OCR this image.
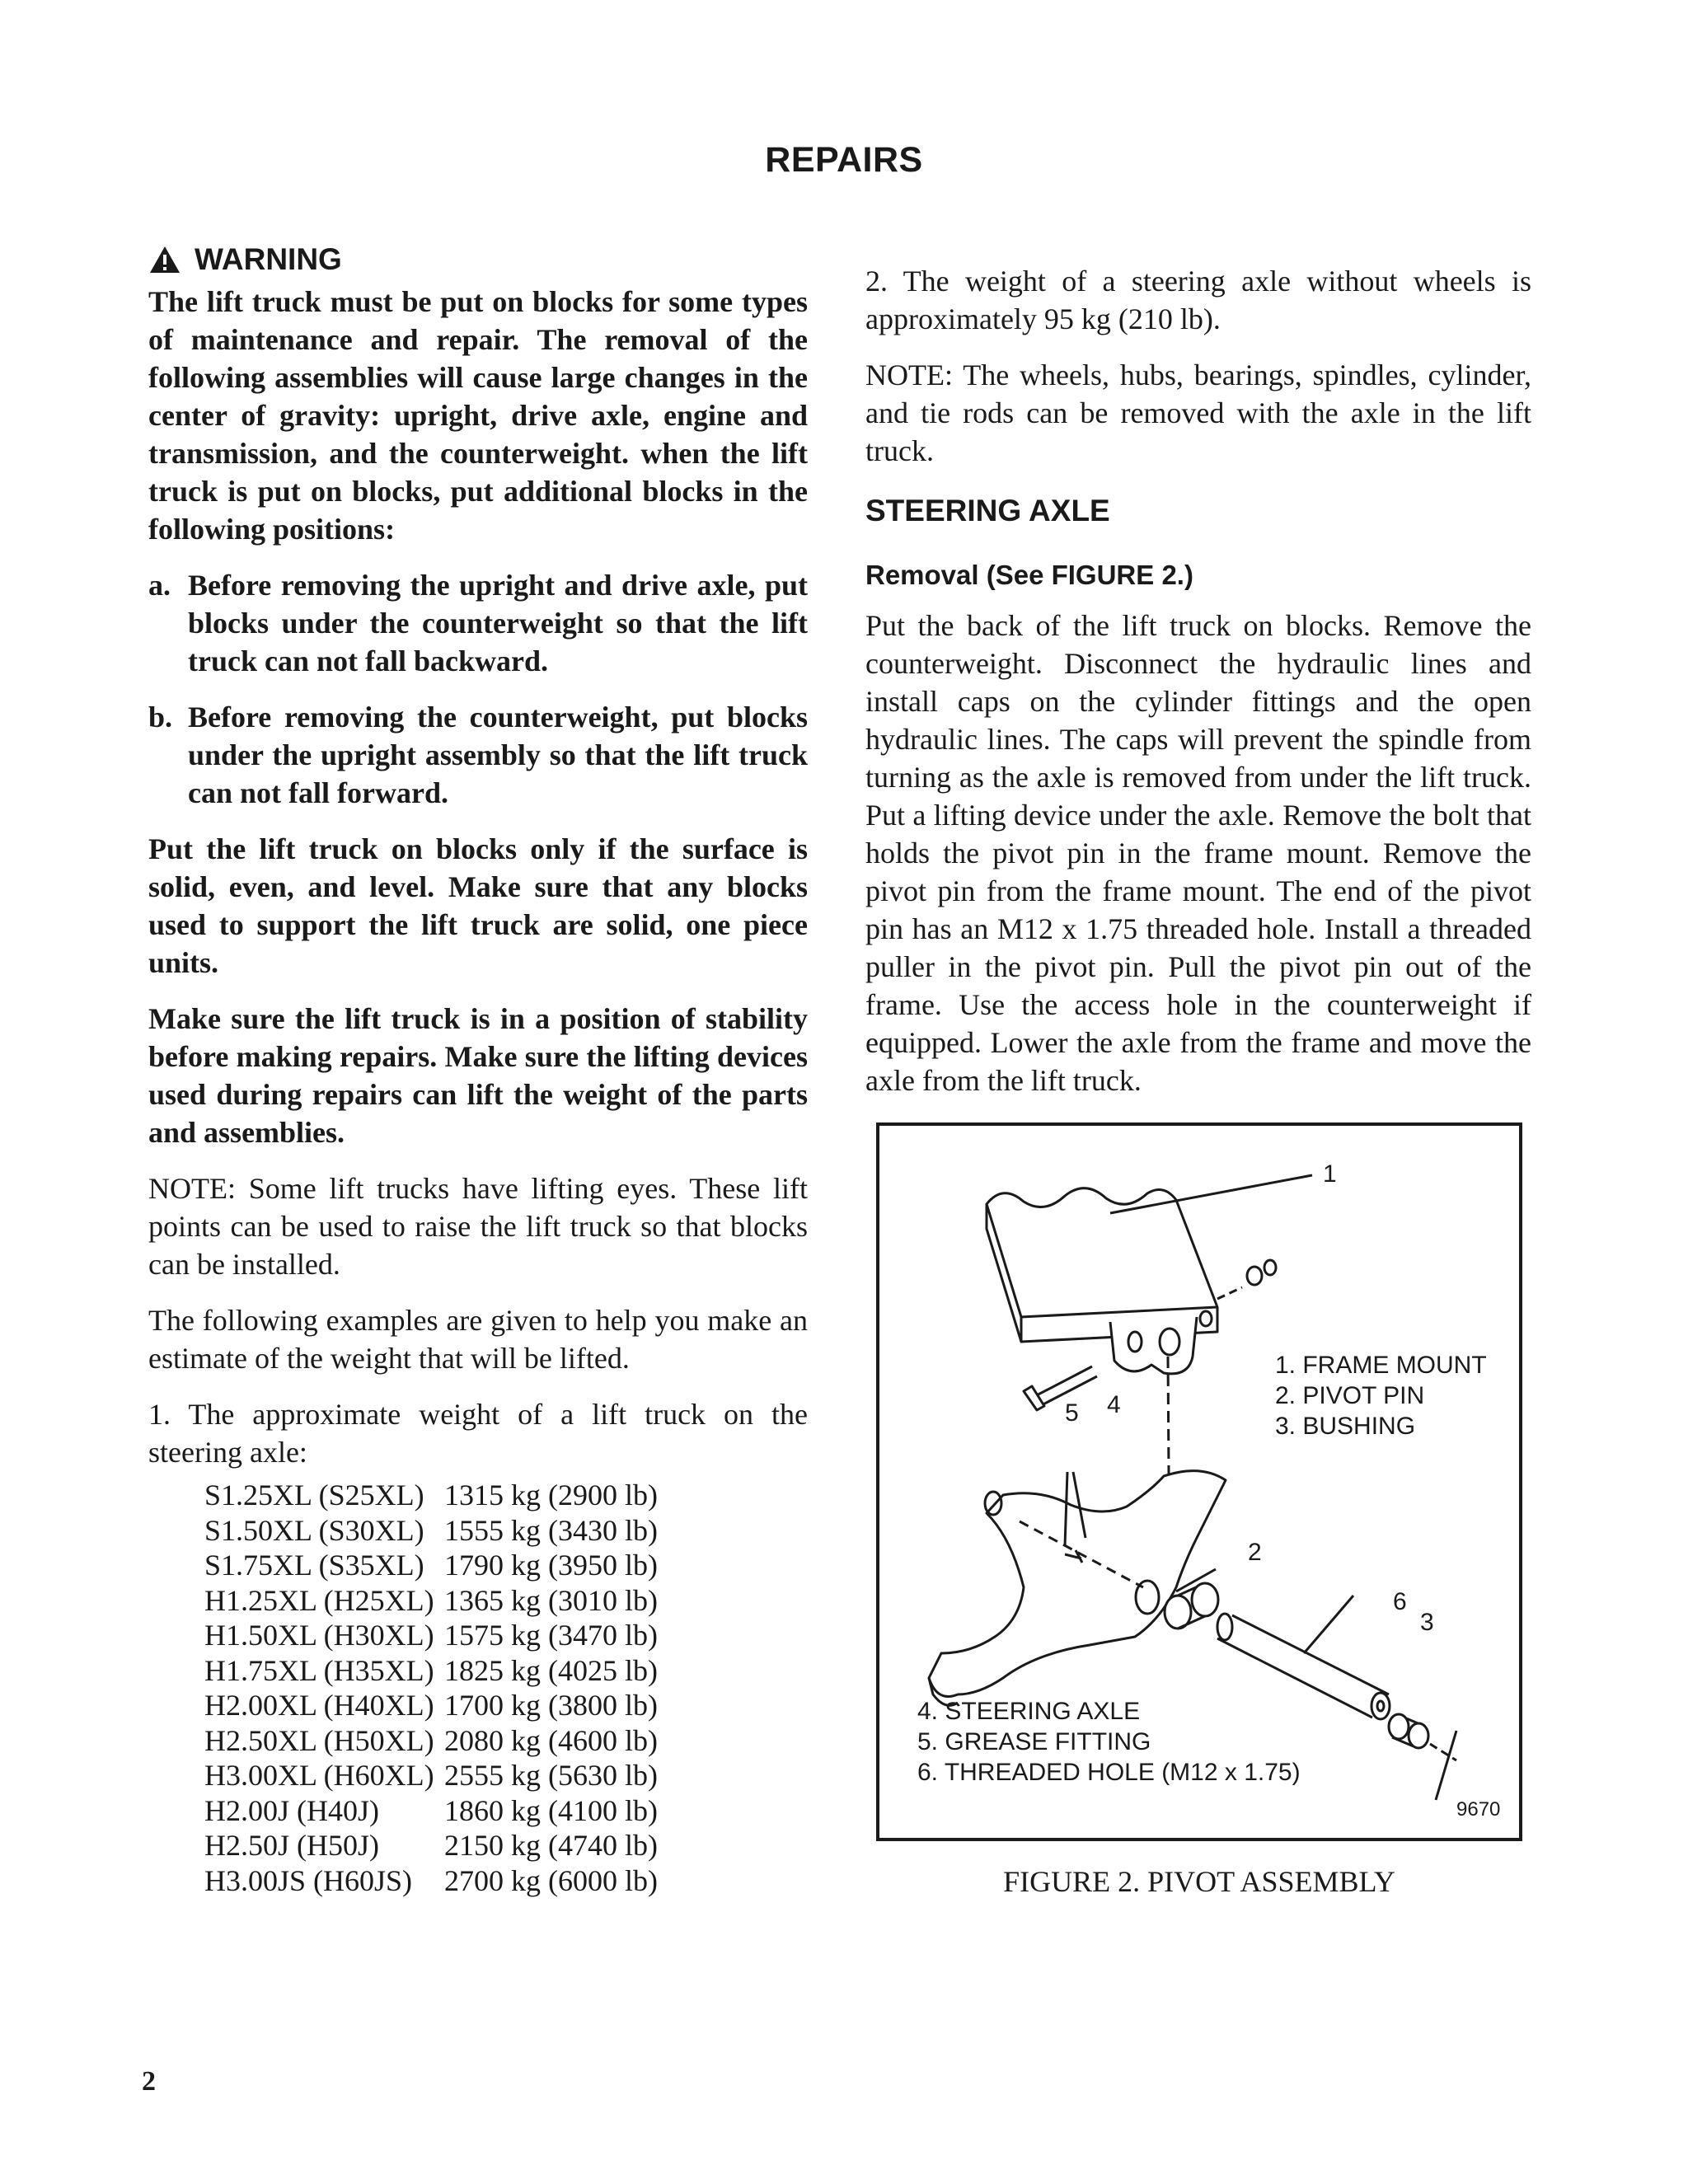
REPAIRS
WARNING

The lift truck must be put on blocks for some types of maintenance and repair. The removal of the following assemblies will cause large changes in the center of gravity: upright, drive axle, engine and transmission, and the counterweight. when the lift truck is put on blocks, put additional blocks in the following positions:

a. Before removing the upright and drive axle, put blocks under the counterweight so that the lift truck can not fall backward.
b. Before removing the counterweight, put blocks under the upright assembly so that the lift truck can not fall forward.

Put the lift truck on blocks only if the surface is solid, even, and level. Make sure that any blocks used to support the lift truck are solid, one piece units.

Make sure the lift truck is in a position of stability before making repairs. Make sure the lifting devices used during repairs can lift the weight of the parts and assemblies.

NOTE: Some lift trucks have lifting eyes. These lift points can be used to raise the lift truck so that blocks can be installed.

The following examples are given to help you make an estimate of the weight that will be lifted.

1. The approximate weight of a lift truck on the steering axle:

S1.25XL (S25XL) 1315 kg (2900 lb)
S1.50XL (S30XL) 1555 kg (3430 lb)
S1.75XL (S35XL) 1790 kg (3950 lb)
H1.25XL (H25XL) 1365 kg (3010 lb)
H1.50XL (H30XL) 1575 kg (3470 lb)
H1.75XL (H35XL) 1825 kg (4025 lb)
H2.00XL (H40XL) 1700 kg (3800 lb)
H2.50XL (H50XL) 2080 kg (4600 lb)
H3.00XL (H60XL) 2555 kg (5630 lb)
H2.00J (H40J)	1860 kg (4100 lb)
H2.50J (H50J)	2150 kg (4740 lb)
H3.00JS (H60JS)	2700 kg (6000 lb)

2. The weight of a steering axle without wheels is approximately 95 kg (210 lb).

NOTE: The wheels, hubs, bearings, spindles, cylinder, and tie rods can be removed with the axle in the lift truck.

STEERING AXLE
Removal (See FIGURE 2.)

Put the back of the lift truck on blocks. Remove the counterweight. Disconnect the hydraulic lines and install caps on the cylinder fittings and the open hydraulic lines. The caps will prevent the spindle from turning as the axle is removed from under the lift truck. Put a lifting device under the axle. Remove the bolt that holds the pivot pin in the frame mount. Remove the pivot pin from the frame mount. The end of the pivot pin has an M12 x 1.75 threaded hole. Install a threaded puller in the pivot pin. Pull the pivot pin out of the frame. Use the access hole in the counterweight if equipped. Lower the axle from the frame and move the axle from the lift truck.

1
2
3
4
5
6
1. FRAME MOUNT
2. PIVOT PIN
3. BUSHING
4. STEERING AXLE
5. GREASE FITTING
6. THREADED HOLE (M12 x 1.75)
9670
FIGURE 2. PIVOT ASSEMBLY
2
